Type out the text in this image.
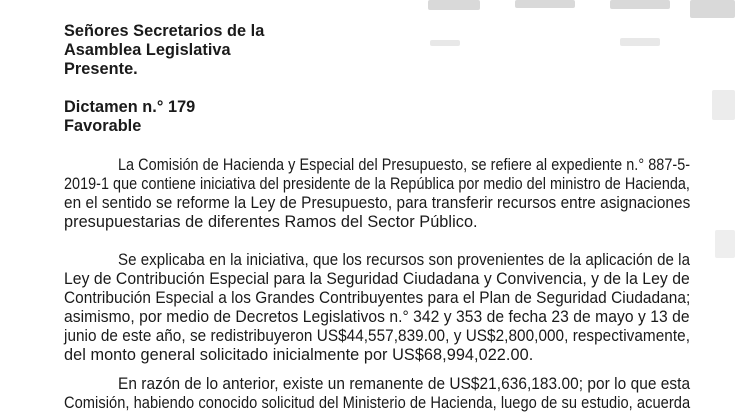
Señores Secretarios de la
Asamblea Legislativa
Presente.
Dictamen n.° 179
Favorable
La Comisión de Hacienda y Especial del Presupuesto, se refiere al expediente n.° 887-5-
2019-1 que contiene iniciativa del presidente de la República por medio del ministro de Hacienda,
en el sentido se reforme la Ley de Presupuesto, para transferir recursos entre asignaciones
presupuestarias de diferentes Ramos del Sector Público.
Se explicaba en la iniciativa, que los recursos son provenientes de la aplicación de la
Ley de Contribución Especial para la Seguridad Ciudadana y Convivencia, y de la Ley de
Contribución Especial a los Grandes Contribuyentes para el Plan de Seguridad Ciudadana;
asimismo, por medio de Decretos Legislativos n.° 342 y 353 de fecha 23 de mayo y 13 de
junio de este año, se redistribuyeron US$44,557,839.00, y US$2,800,000, respectivamente,
del monto general solicitado inicialmente por US$68,994,022.00.
En razón de lo anterior, existe un remanente de US$21,636,183.00; por lo que esta
Comisión, habiendo conocido solicitud del Ministerio de Hacienda, luego de su estudio, acuerda
